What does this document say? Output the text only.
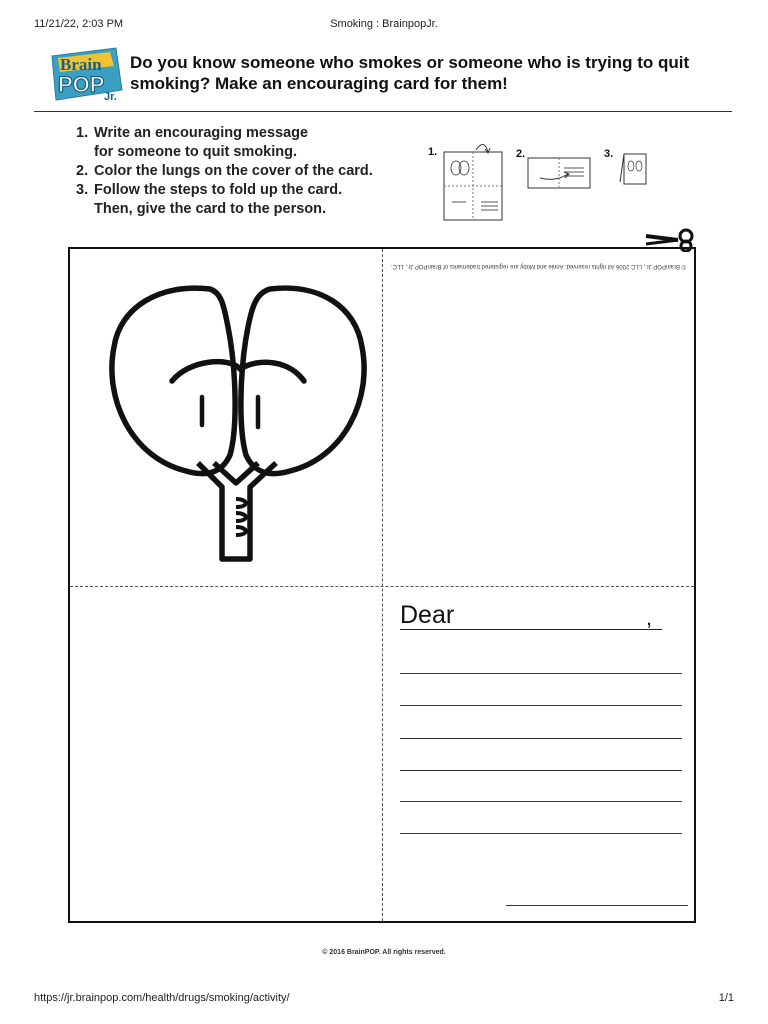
11/21/22, 2:03 PM	Smoking : BrainpopJr.
Brain
POP Jr.
Do you know someone who smokes or someone who is trying to quit smoking? Make an encouraging card for them!
1. Write an encouraging message
for someone to quit smoking.
2. Color the lungs on the cover of the card.
3. Follow the steps to fold up the card.
Then, give the card to the person.
1.	2.	3.
© BrainPOP Jr., LLC 2006 All rights reserved. Annie and Moby are registered trademarks of BrainPOP Jr., LLC.
Dear	,
© 2016 BrainPOP. All rights reserved.
https://jr.brainpop.com/health/drugs/smoking/activity/	1/1
